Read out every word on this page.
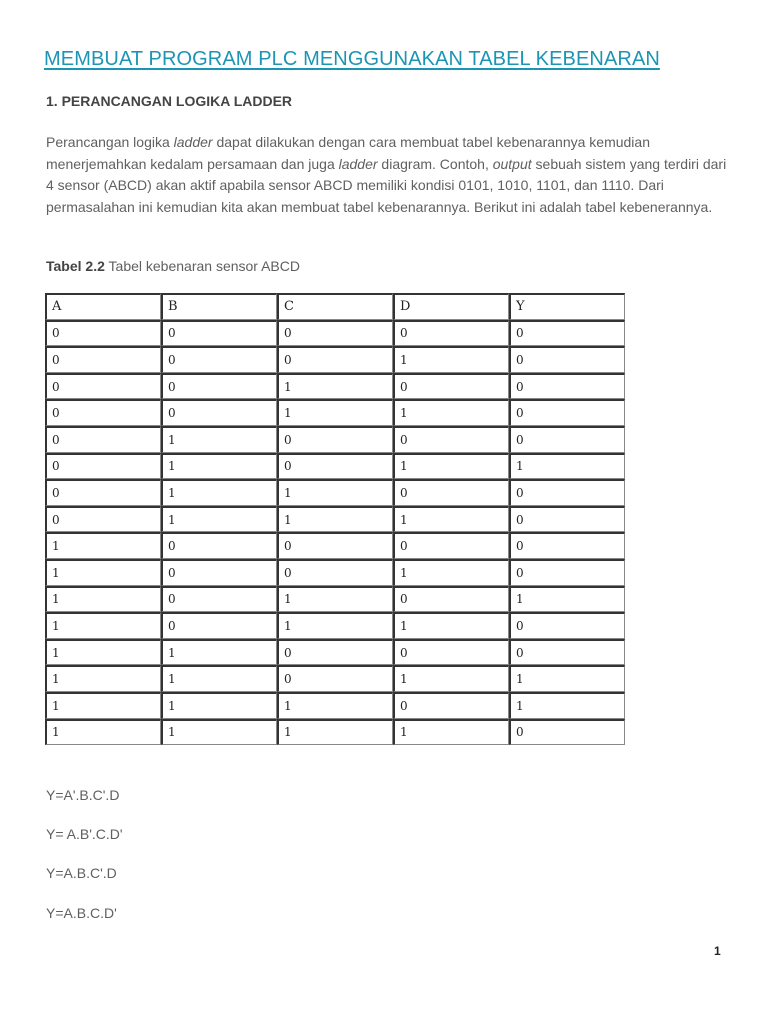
MEMBUAT PROGRAM PLC MENGGUNAKAN TABEL KEBENARAN
1. PERANCANGAN LOGIKA LADDER

Perancangan logika ladder dapat dilakukan dengan cara membuat tabel kebenarannya kemudian menerjemahkan kedalam persamaan dan juga ladder diagram. Contoh, output sebuah sistem yang terdiri dari 4 sensor (ABCD) akan aktif apabila sensor ABCD memiliki kondisi 0101, 1010, 1101, dan 1110. Dari permasalahan ini kemudian kita akan membuat tabel kebenarannya. Berikut ini adalah tabel kebenerannya.

Tabel 2.2 Tabel kebenaran sensor ABCD
A	B	C	D	Y
0	0	0	0	0
0	0	0	1	0
0	0	1	0	0
0	0	1	1	0
0	1	0	0	0
0	1	0	1	1
0	1	1	0	0
0	1	1	1	0
1	0	0	0	0
1	0	0	1	0
1	0	1	0	1
1	0	1	1	0
1	1	0	0	0
1	1	0	1	1
1	1	1	0	1
1	1	1	1	0
Y=A'.B.C'.D
Y= A.B'.C.D'
Y=A.B.C'.D
Y=A.B.C.D'
1
